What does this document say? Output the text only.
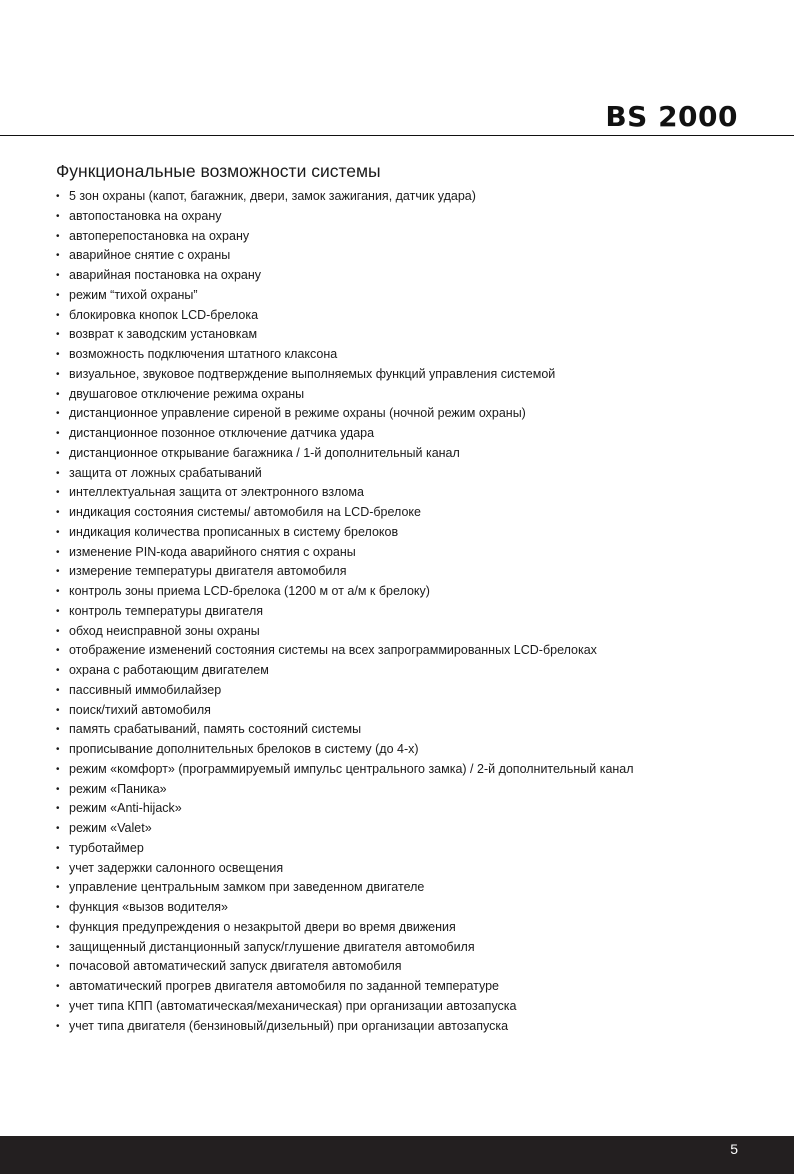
BS 2000
Функциональные возможности системы
• 5 зон охраны (капот, багажник, двери, замок зажигания, датчик удара)
• автопостановка на охрану
• автоперепостановка на охрану
• аварийное снятие с охраны
• аварийная постановка на охрану
• режим “тихой охраны”
• блокировка кнопок LCD-брелока
• возврат к заводским установкам
• возможность подключения штатного клаксона
• визуальное, звуковое подтверждение выполняемых функций управления системой
• двушаговое отключение режима охраны
• дистанционное управление сиреной в режиме охраны (ночной режим охраны)
• дистанционное позонное отключение датчика удара
• дистанционное открывание багажника / 1-й дополнительный канал
• защита от ложных срабатываний
• интеллектуальная защита от электронного взлома
• индикация состояния системы/ автомобиля на LCD-брелоке
• индикация количества прописанных в систему брелоков
• изменение PIN-кода аварийного снятия с охраны
• измерение температуры двигателя автомобиля
• контроль зоны приема LCD-брелока (1200 м от а/м к брелоку)
• контроль температуры двигателя
• обход неисправной зоны охраны
• отображение изменений состояния системы на всех запрограммированных LCD-брелоках
• охрана с работающим двигателем
• пассивный иммобилайзер
• поиск/тихий автомобиля
• память срабатываний, память состояний системы
• прописывание дополнительных брелоков в систему (до 4-х)
• режим «комфорт» (программируемый импульс центрального замка) / 2-й дополнительный канал
• режим «Паника»
• режим «Anti-hijack»
• режим «Valet»
• турботаймер
• учет задержки салонного освещения
• управление центральным замком при заведенном двигателе
• функция «вызов водителя»
• функция предупреждения о незакрытой двери во время движения
• защищенный дистанционный запуск/глушение двигателя автомобиля
• почасовой автоматический запуск двигателя автомобиля
• автоматический прогрев двигателя автомобиля по заданной температуре
• учет типа КПП (автоматическая/механическая) при организации автозапуска
• учет типа двигателя (бензиновый/дизельный) при организации автозапуска
5
